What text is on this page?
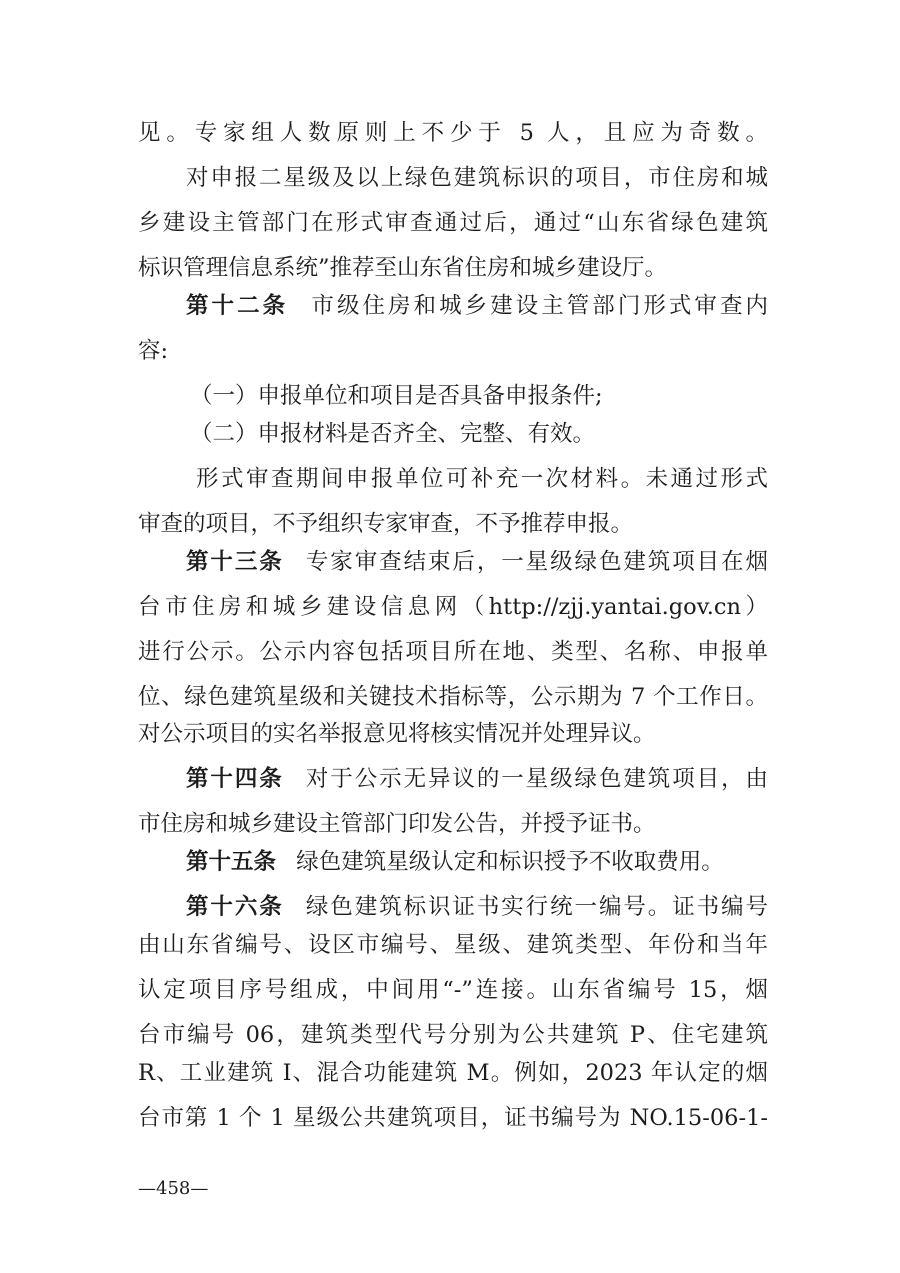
见。专家组人数原则上不少于 5 人，且应为奇数。

对申报二星级及以上绿色建筑标识的项目，市住房和城

乡建设主管部门在形式审查通过后，通过“山东省绿色建筑

标识管理信息系统”推荐至山东省住房和城乡建设厅。

第十二条 市级住房和城乡建设主管部门形式审查内

容:

（一）申报单位和项目是否具备申报条件;

（二）申报材料是否齐全、完整、有效。

形式审查期间申报单位可补充一次材料。未通过形式

审查的项目，不予组织专家审查，不予推荐申报。

第十三条 专家审查结束后，一星级绿色建筑项目在烟

台市住房和城乡建设信息网（http://zjj.yantai.gov.cn）

进行公示。公示内容包括项目所在地、类型、名称、申报单

位、绿色建筑星级和关键技术指标等，公示期为 7 个工作日。

对公示项目的实名举报意见将核实情况并处理异议。

第十四条 对于公示无异议的一星级绿色建筑项目，由

市住房和城乡建设主管部门印发公告，并授予证书。

第十五条 绿色建筑星级认定和标识授予不收取费用。

第十六条 绿色建筑标识证书实行统一编号。证书编号

由山东省编号、设区市编号、星级、建筑类型、年份和当年

认定项目序号组成，中间用“-”连接。山东省编号 15，烟

台市编号 06，建筑类型代号分别为公共建筑 P、住宅建筑

R、工业建筑 I、混合功能建筑 M。例如，2023 年认定的烟

台市第 1 个 1 星级公共建筑项目，证书编号为 NO.15-06-1-

—458—
